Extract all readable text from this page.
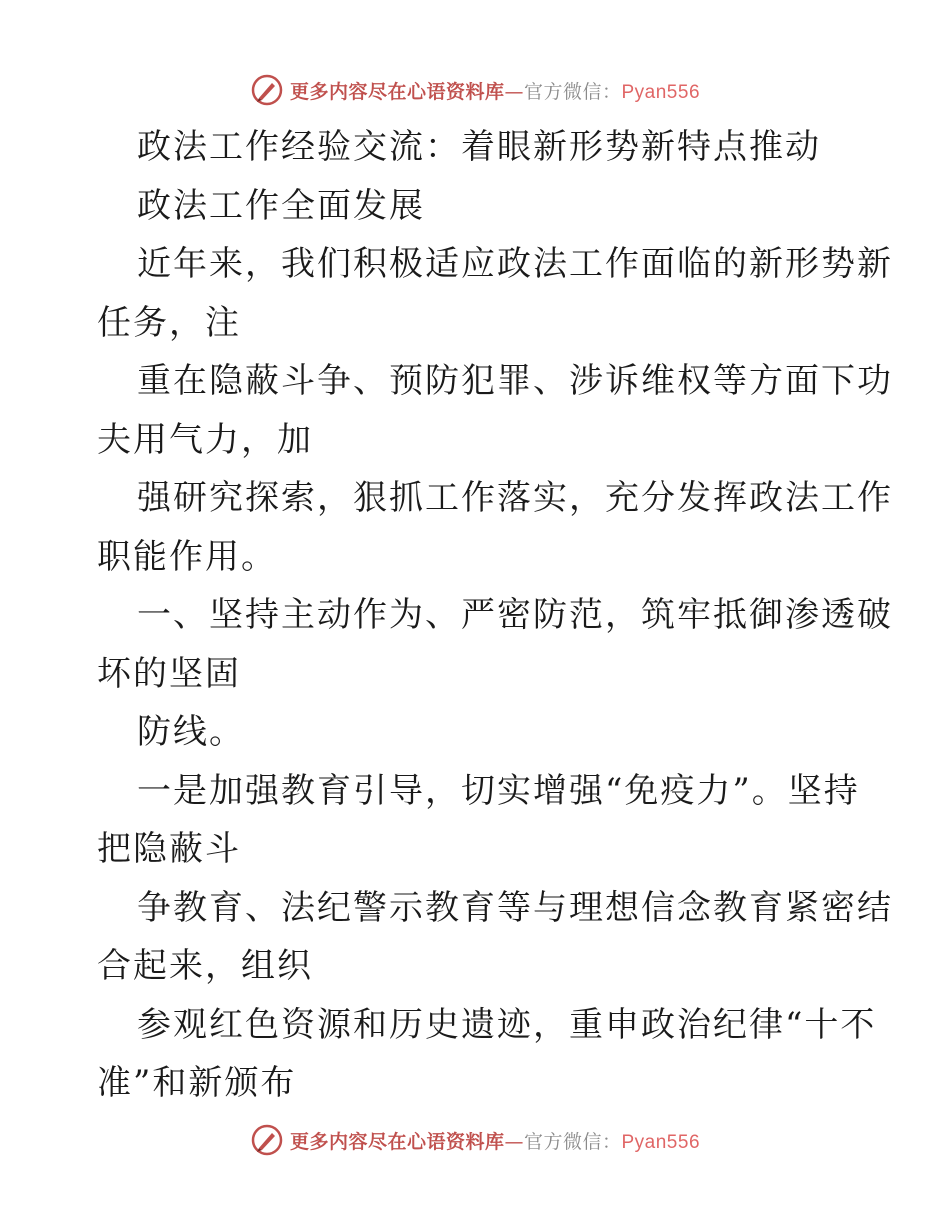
更多内容尽在心语资料库—官方微信：Pyan556
政法工作经验交流：着眼新形势新特点推动
政法工作全面发展
近年来，我们积极适应政法工作面临的新形势新
任务，注
重在隐蔽斗争、预防犯罪、涉诉维权等方面下功
夫用气力，加
强研究探索，狠抓工作落实，充分发挥政法工作
职能作用。
一、坚持主动作为、严密防范，筑牢抵御渗透破
坏的坚固
防线。
一是加强教育引导，切实增强“免疫力”。坚持
把隐蔽斗
争教育、法纪警示教育等与理想信念教育紧密结
合起来，组织
参观红色资源和历史遗迹，重申政治纪律“十不
准”和新颁布
更多内容尽在心语资料库—官方微信：Pyan556
